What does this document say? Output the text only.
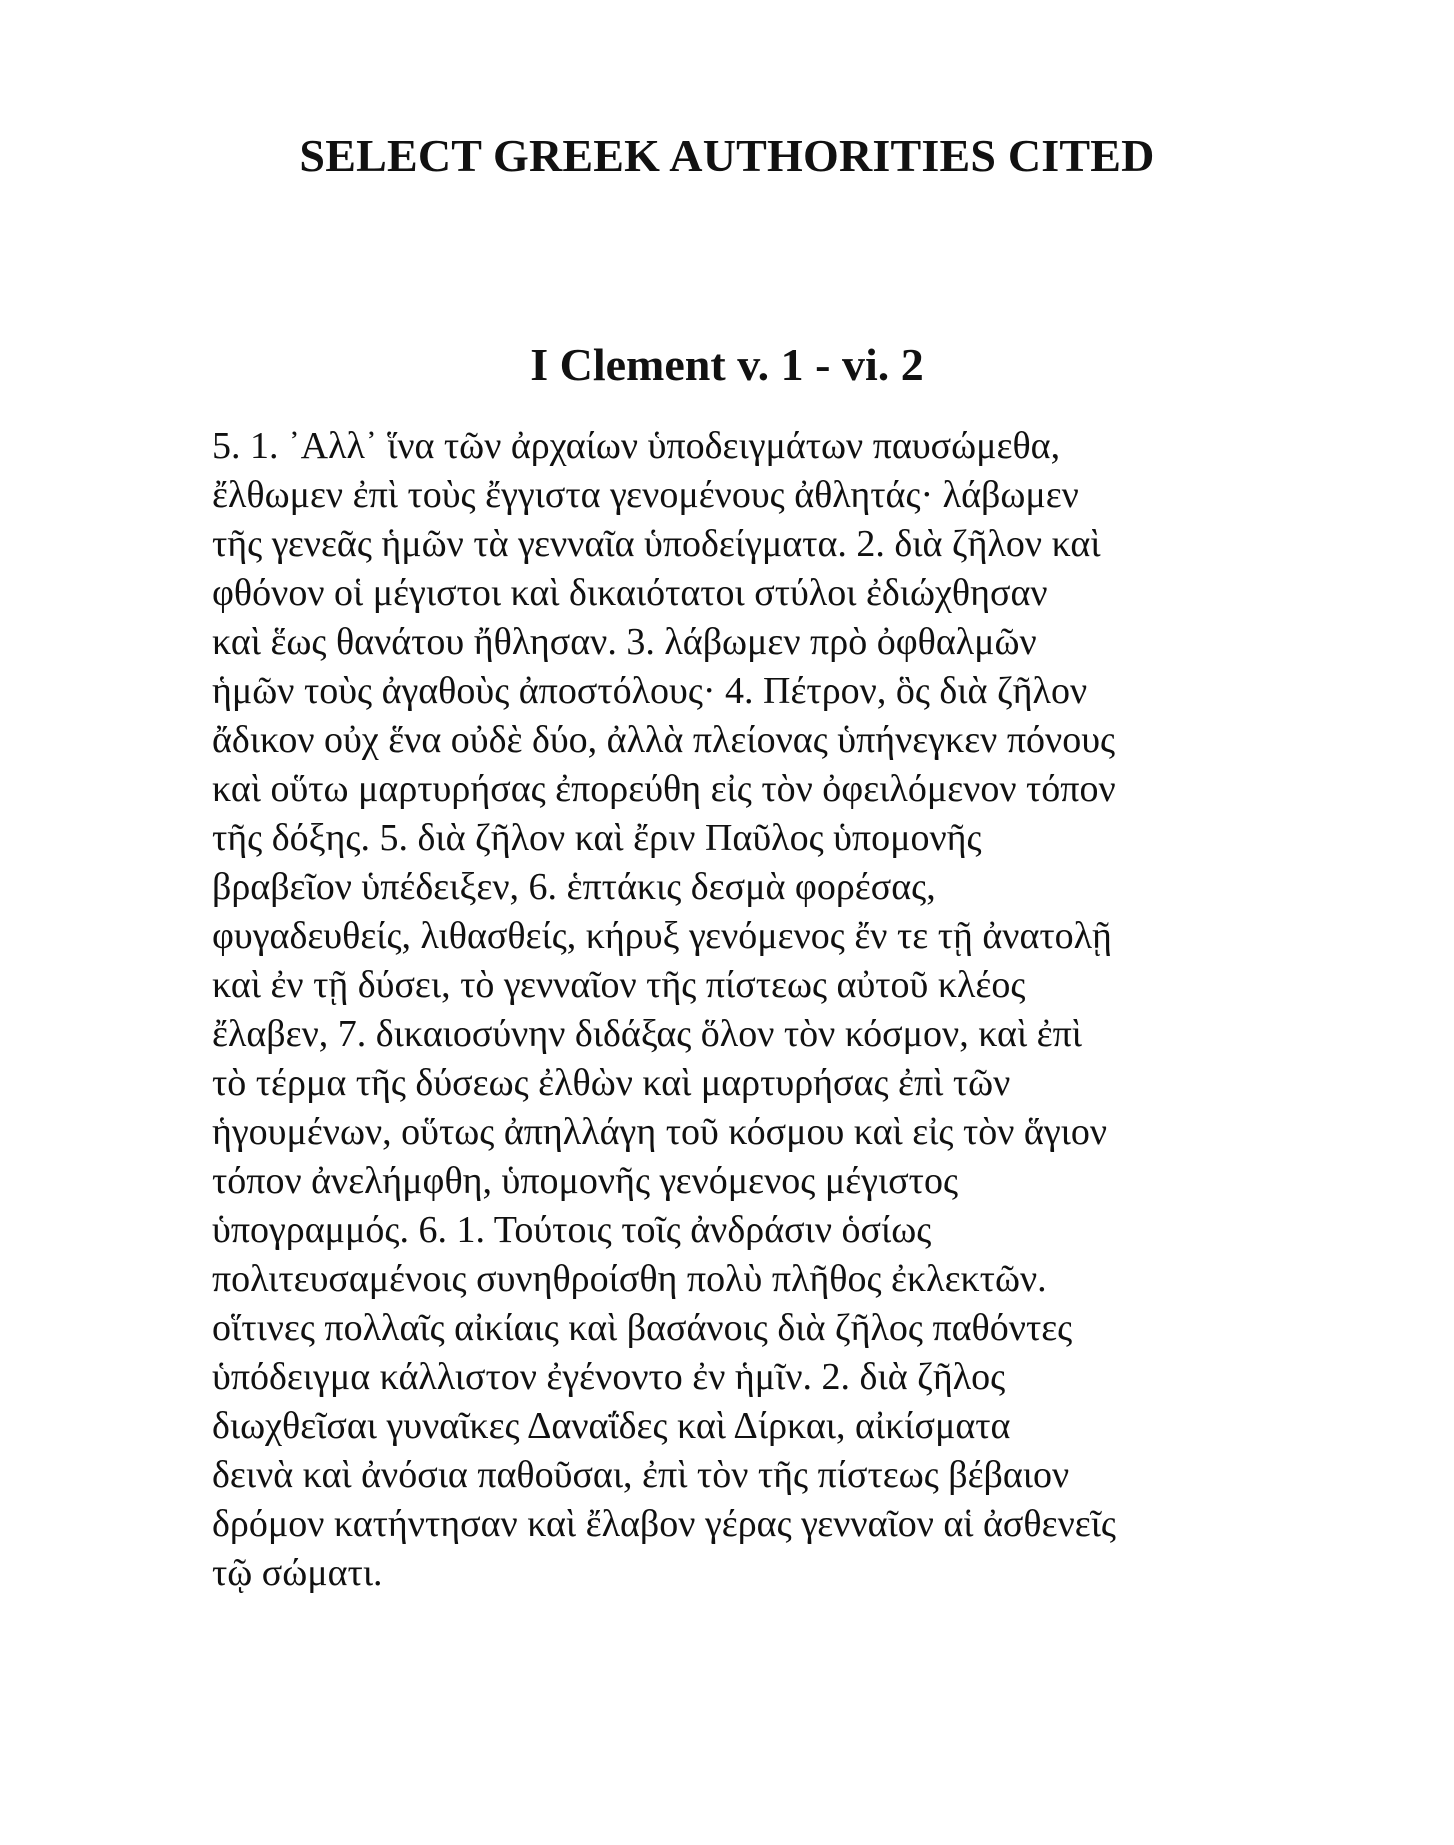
SELECT GREEK AUTHORITIES CITED
I Clement v. 1 - vi. 2
5. 1. ᾿Αλλ᾿ ἵνα τῶν ἀρχαίων ὑποδειγμάτων παυσώμεθα,
ἔλθωμεν ἐπὶ τοὺς ἔγγιστα γενομένους ἀθλητάς· λάβωμεν
τῆς γενεᾶς ἡμῶν τὰ γενναῖα ὑποδείγματα. 2. διὰ ζῆλον καὶ
φθόνον οἱ μέγιστοι καὶ δικαιότατοι στύλοι ἐδιώχθησαν
καὶ ἕως θανάτου ἤθλησαν. 3. λάβωμεν πρὸ ὀφθαλμῶν
ἡμῶν τοὺς ἀγαθοὺς ἀποστόλους· 4. Πέτρον, ὃς διὰ ζῆλον
ἄδικον οὐχ ἕνα οὐδὲ δύο, ἀλλὰ πλείονας ὑπήνεγκεν πόνους
καὶ οὕτω μαρτυρήσας ἐπορεύθη εἰς τὸν ὀφειλόμενον τόπον
τῆς δόξης. 5. διὰ ζῆλον καὶ ἔριν Παῦλος ὑπομονῆς
βραβεῖον ὑπέδειξεν, 6. ἑπτάκις δεσμὰ φορέσας,
φυγαδευθείς, λιθασθείς, κήρυξ γενόμενος ἔν τε τῇ ἀνατολῇ
καὶ ἐν τῇ δύσει, τὸ γενναῖον τῆς πίστεως αὐτοῦ κλέος
ἔλαβεν, 7. δικαιοσύνην διδάξας ὅλον τὸν κόσμον, καὶ ἐπὶ
τὸ τέρμα τῆς δύσεως ἐλθὼν καὶ μαρτυρήσας ἐπὶ τῶν
ἡγουμένων, οὕτως ἀπηλλάγη τοῦ κόσμου καὶ εἰς τὸν ἅγιον
τόπον ἀνελήμφθη, ὑπομονῆς γενόμενος μέγιστος
ὑπογραμμός. 6. 1. Τούτοις τοῖς ἀνδράσιν ὁσίως
πολιτευσαμένοις συνηθροίσθη πολὺ πλῆθος ἐκλεκτῶν.
οἵτινες πολλαῖς αἰκίαις καὶ βασάνοις διὰ ζῆλος παθόντες
ὑπόδειγμα κάλλιστον ἐγένοντο ἐν ἡμῖν. 2. διὰ ζῆλος
διωχθεῖσαι γυναῖκες Δαναΐδες καὶ Δίρκαι, αἰκίσματα
δεινὰ καὶ ἀνόσια παθοῦσαι, ἐπὶ τὸν τῆς πίστεως βέβαιον
δρόμον κατήντησαν καὶ ἔλαβον γέρας γενναῖον αἱ ἀσθενεῖς
τῷ σώματι.
